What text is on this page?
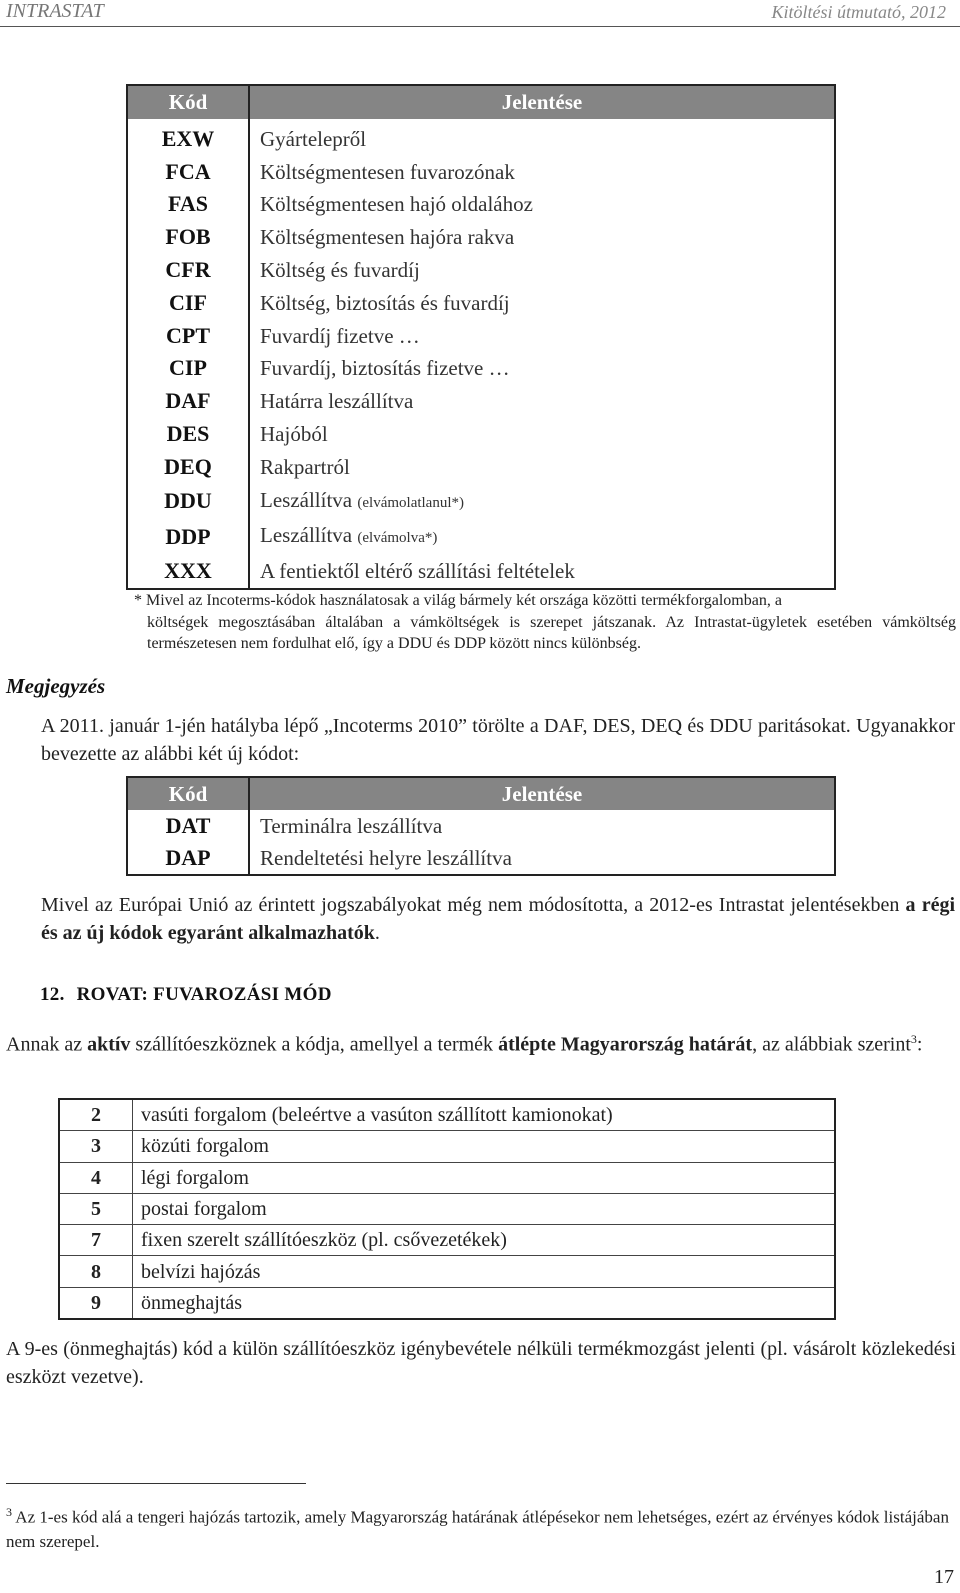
INTRASTAT	Kitöltési útmutató, 2012
Kód	Jelentése
EXW	Gyártelepről
FCA	Költségmentesen fuvarozónak
FAS	Költségmentesen hajó oldalához
FOB	Költségmentesen hajóra rakva
CFR	Költség és fuvardíj
CIF	Költség, biztosítás és fuvardíj
CPT	Fuvardíj fizetve …
CIP	Fuvardíj, biztosítás fizetve …
DAF	Határra leszállítva
DES	Hajóból
DEQ	Rakpartról
DDU	Leszállítva (elvámolatlanul*)
DDP	Leszállítva (elvámolva*)
XXX	A fentiektől eltérő szállítási feltételek
* Mivel az Incoterms-kódok használatosak a világ bármely két országa közötti termékforgalomban, a
költségek megosztásában általában a vámköltségek is szerepet játszanak. Az Intrastat-ügyletek esetében vámköltség természetesen nem fordulhat elő, így a DDU és DDP között nincs különbség.
Megjegyzés
A 2011. január 1-jén hatályba lépő „Incoterms 2010” törölte a DAF, DES, DEQ és DDU paritásokat. Ugyanakkor bevezette az alábbi két új kódot:
Kód	Jelentése
DAT	Terminálra leszállítva
DAP	Rendeltetési helyre leszállítva
Mivel az Európai Unió az érintett jogszabályokat még nem módosította, a 2012-es Intrastat jelentésekben a régi és az új kódok egyaránt alkalmazhatók.
12. ROVAT: FUVAROZÁSI MÓD
Annak az aktív szállítóeszköznek a kódja, amellyel a termék átlépte Magyarország határát, az alábbiak szerint$^3$:
2	vasúti forgalom (beleértve a vasúton szállított kamionokat)
3	közúti forgalom
4	légi forgalom
5	postai forgalom
7	fixen szerelt szállítóeszköz (pl. csővezetékek)
8	belvízi hajózás
9	önmeghajtás
A 9-es (önmeghajtás) kód a külön szállítóeszköz igénybevétele nélküli termékmozgást jelenti (pl. vásárolt közlekedési eszközt vezetve).
$^3$ Az 1-es kód alá a tengeri hajózás tartozik, amely Magyarország határának átlépésekor nem lehetséges, ezért az érvényes kódok listájában nem szerepel.
17
